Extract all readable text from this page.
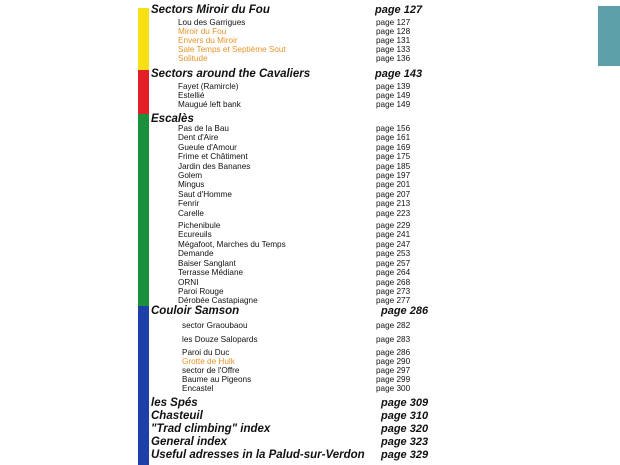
Sectors Miroir du Fou	page 127
Lou des Garrigues	page 127
Miroir du Fou	page 128
Envers du Miroir	page 131
Sale Temps et Septième Sout	page 133
Solitude	page 136
Sectors around the Cavaliers	page 143
Fayet (Ramircle)	page 139
Estellié	page 149
Maugué left bank	page 149
Escalès
Pas de la Bau	page 156
Dent d'Aire	page 161
Gueule d'Amour	page 169
Frime et Châtiment	page 175
Jardin des Bananes	page 185
Golem	page 197
Mingus	page 201
Saut d'Homme	page 207
Fenrir	page 213
Carelle	page 223
Pichenibule	page 229
Ecureuils	page 241
Mégafoot, Marches du Temps	page 247
Demande	page 253
Baiser Sanglant	page 257
Terrasse Médiane	page 264
ORNI	page 268
Paroi Rouge	page 273
Dérobée Castapiagne	page 277
Couloir Samson	page 286
sector Graoubaou	page 282
les Douze Salopards	page 283
Paroi du Duc	page 286
Grotte de Hulk	page 290
sector de l'Offre	page 297
Baume au Pigeons	page 299
Encastel	page 300
les Spés	page 309
Chasteuil	page 310
"Trad climbing" index	page 320
General index	page 323
Useful adresses in la Palud-sur-Verdon page 329
